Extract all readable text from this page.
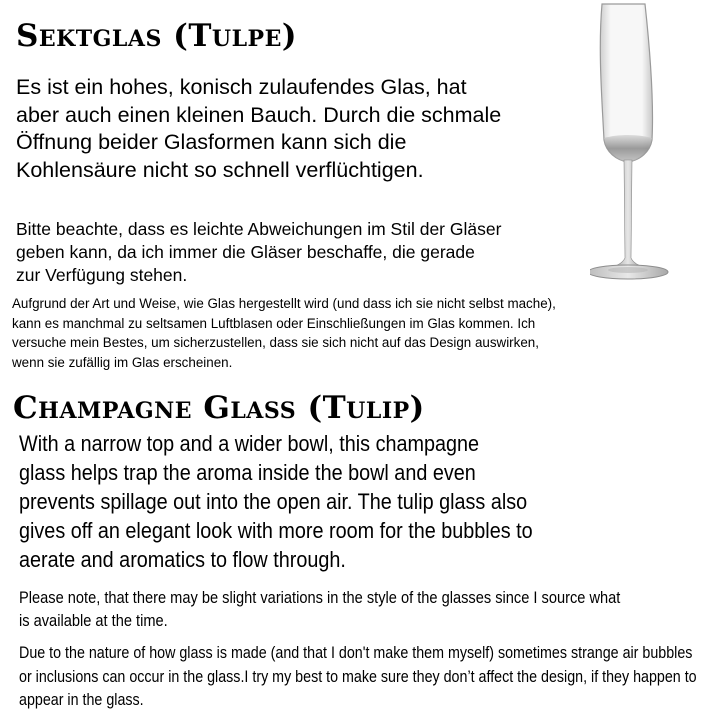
Sektglas (Tulpe)
Es ist ein hohes, konisch zulaufendes Glas, hat
aber auch einen kleinen Bauch. Durch die schmale
Öffnung beider Glasformen kann sich die
Kohlensäure nicht so schnell verflüchtigen.
Bitte beachte, dass es leichte Abweichungen im Stil der Gläser
geben kann, da ich immer die Gläser beschaffe, die gerade
zur Verfügung stehen.
Aufgrund der Art und Weise, wie Glas hergestellt wird (und dass ich sie nicht selbst mache),
kann es manchmal zu seltsamen Luftblasen oder Einschließungen im Glas kommen. Ich
versuche mein Bestes, um sicherzustellen, dass sie sich nicht auf das Design auswirken,
wenn sie zufällig im Glas erscheinen.
Champagne Glass (Tulip)
With a narrow top and a wider bowl, this champagne
glass helps trap the aroma inside the bowl and even
prevents spillage out into the open air. The tulip glass also
gives off an elegant look with more room for the bubbles to
aerate and aromatics to flow through.
Please note, that there may be slight variations in the style of the glasses since I source what
is available at the time.
Due to the nature of how glass is made (and that I don't make them myself) sometimes strange air bubbles
or inclusions can occur in the glass.I try my best to make sure they don’t affect the design, if they happen to
appear in the glass.
